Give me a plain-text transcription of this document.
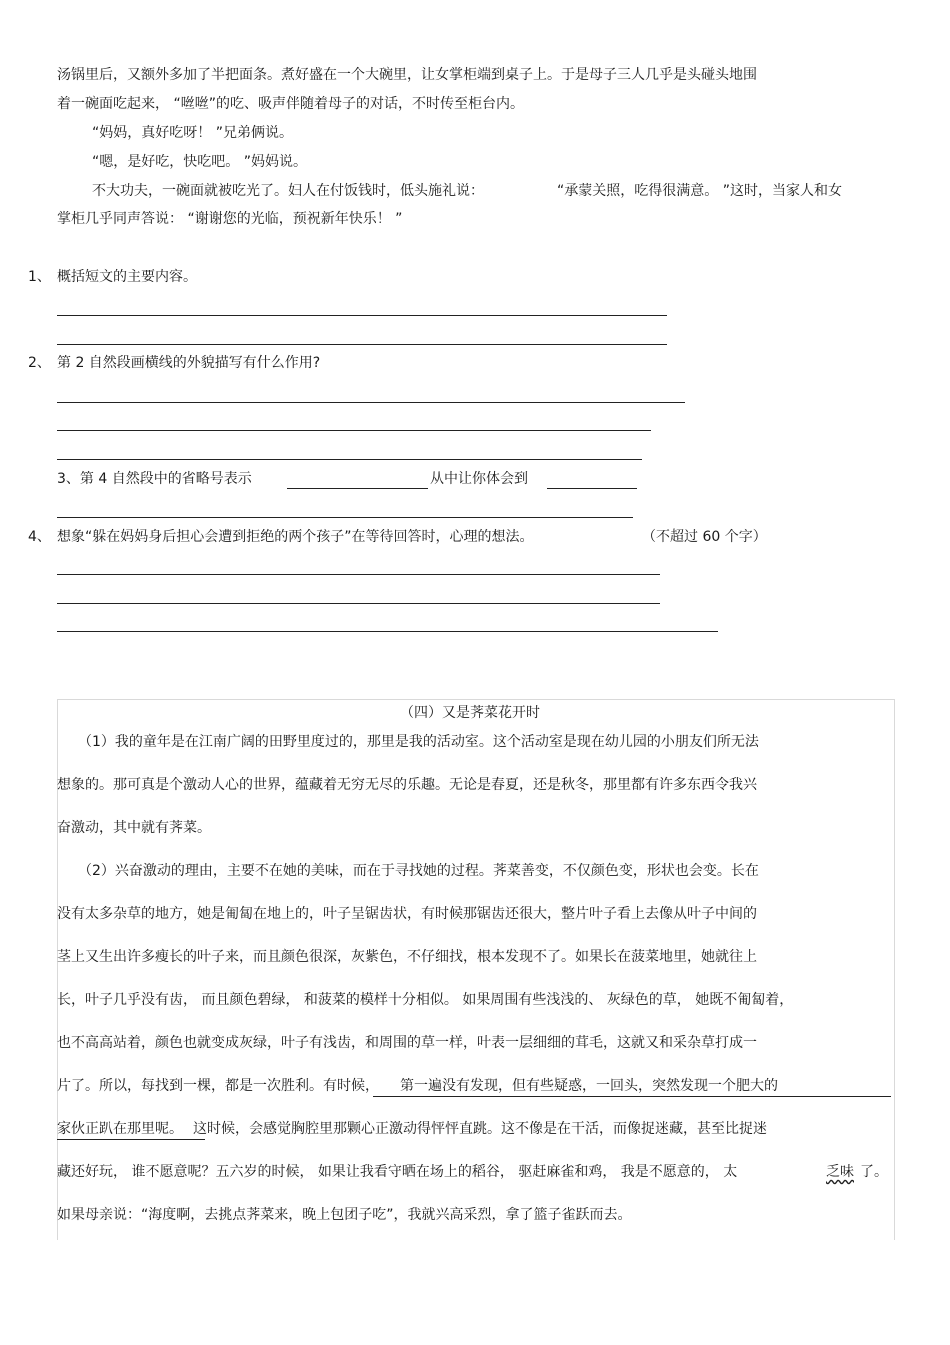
汤锅里后，又额外多加了半把面条。煮好盛在一个大碗里，让女掌柜端到桌子上。于是母子三人几乎是头碰头地围
着一碗面吃起来， “咝咝”的吃、吸声伴随着母子的对话，不时传至柜台内。
“妈妈，真好吃呀！ ”兄弟俩说。
“嗯，是好吃，快吃吧。 ”妈妈说。
不大功夫，一碗面就被吃光了。妇人在付饭钱时，低头施礼说：	“承蒙关照，吃得很满意。 ”这时，当家人和女
掌柜几乎同声答说： “谢谢您的光临，预祝新年快乐！ ”
1、 概括短文的主要内容。
2、 第 2 自然段画横线的外貌描写有什么作用?
3、第 4 自然段中的省略号表示	从中让你体会到
4、 想象“躲在妈妈身后担心会遭到拒绝的两个孩子”在等待回答时，心理的想法。	（不超过 60 个字）
（四）又是荠菜花开时
（1）我的童年是在江南广阔的田野里度过的，那里是我的活动室。这个活动室是现在幼儿园的小朋友们所无法
想象的。那可真是个激动人心的世界，蕴藏着无穷无尽的乐趣。无论是春夏，还是秋冬，那里都有许多东西令我兴
奋激动，其中就有荠菜。
（2）兴奋激动的理由，主要不在她的美味，而在于寻找她的过程。荠菜善变，不仅颜色变，形状也会变。长在
没有太多杂草的地方，她是匍匐在地上的，叶子呈锯齿状，有时候那锯齿还很大，整片叶子看上去像从叶子中间的
茎上又生出许多瘦长的叶子来，而且颜色很深，灰紫色，不仔细找，根本发现不了。如果长在菠菜地里，她就往上
长，叶子几乎没有齿， 而且颜色碧绿， 和菠菜的模样十分相似。 如果周围有些浅浅的、 灰绿色的草， 她既不匍匐着，
也不高高站着，颜色也就变成灰绿，叶子有浅齿，和周围的草一样，叶表一层细细的茸毛，这就又和采杂草打成一
片了。所以，每找到一棵，都是一次胜利。有时候， 第一遍没有发现，但有些疑惑，一回头，突然发现一个肥大的
家伙正趴在那里呢。 这时候，会感觉胸腔里那颗心正激动得怦怦直跳。这不像是在干活，而像捉迷藏，甚至比捉迷
藏还好玩， 谁不愿意呢？五六岁的时候， 如果让我看守晒在场上的稻谷， 驱赶麻雀和鸡， 我是不愿意的， 太	乏味 了。
如果母亲说：“海度啊，去挑点荠菜来，晚上包团子吃”，我就兴高采烈，拿了篮子雀跃而去。
